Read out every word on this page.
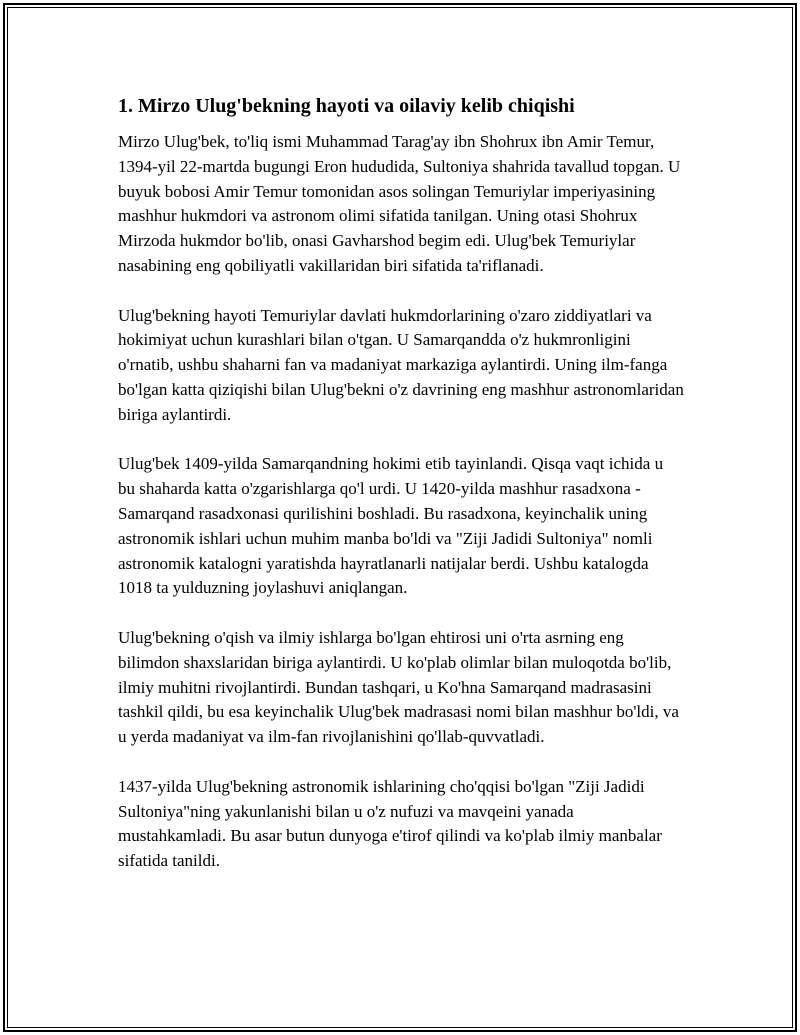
1. Mirzo Ulug'bekning hayoti va oilaviy kelib chiqishi

Mirzo Ulug'bek, to'liq ismi Muhammad Tarag'ay ibn Shohrux ibn Amir Temur, 1394-yil 22-martda bugungi Eron hududida, Sultoniya shahrida tavallud topgan. U buyuk bobosi Amir Temur tomonidan asos solingan Temuriylar imperiyasining mashhur hukmdori va astronom olimi sifatida tanilgan. Uning otasi Shohrux Mirzoda hukmdor bo'lib, onasi Gavharshod begim edi. Ulug'bek Temuriylar nasabining eng qobiliyatli vakillaridan biri sifatida ta'riflanadi.

Ulug'bekning hayoti Temuriylar davlati hukmdorlarining o'zaro ziddiyatlari va hokimiyat uchun kurashlari bilan o'tgan. U Samarqandda o'z hukmronligini o'rnatib, ushbu shaharni fan va madaniyat markaziga aylantirdi. Uning ilm-fanga bo'lgan katta qiziqishi bilan Ulug'bekni o'z davrining eng mashhur astronomlaridan biriga aylantirdi.

Ulug'bek 1409-yilda Samarqandning hokimi etib tayinlandi. Qisqa vaqt ichida u bu shaharda katta o'zgarishlarga qo'l urdi. U 1420-yilda mashhur rasadxona - Samarqand rasadxonasi qurilishini boshladi. Bu rasadxona, keyinchalik uning astronomik ishlari uchun muhim manba bo'ldi va "Ziji Jadidi Sultoniya" nomli astronomik katalogni yaratishda hayratlanarli natijalar berdi. Ushbu katalogda 1018 ta yulduzning joylashuvi aniqlangan.

Ulug'bekning o'qish va ilmiy ishlarga bo'lgan ehtirosi uni o'rta asrning eng bilimdon shaxslaridan biriga aylantirdi. U ko'plab olimlar bilan muloqotda bo'lib, ilmiy muhitni rivojlantirdi. Bundan tashqari, u Ko'hna Samarqand madrasasini tashkil qildi, bu esa keyinchalik Ulug'bek madrasasi nomi bilan mashhur bo'ldi, va u yerda madaniyat va ilm-fan rivojlanishini qo'llab-quvvatladi.

1437-yilda Ulug'bekning astronomik ishlarining cho'qqisi bo'lgan "Ziji Jadidi Sultoniya"ning yakunlanishi bilan u o'z nufuzi va mavqeini yanada mustahkamladi. Bu asar butun dunyoga e'tirof qilindi va ko'plab ilmiy manbalar sifatida tanildi.
